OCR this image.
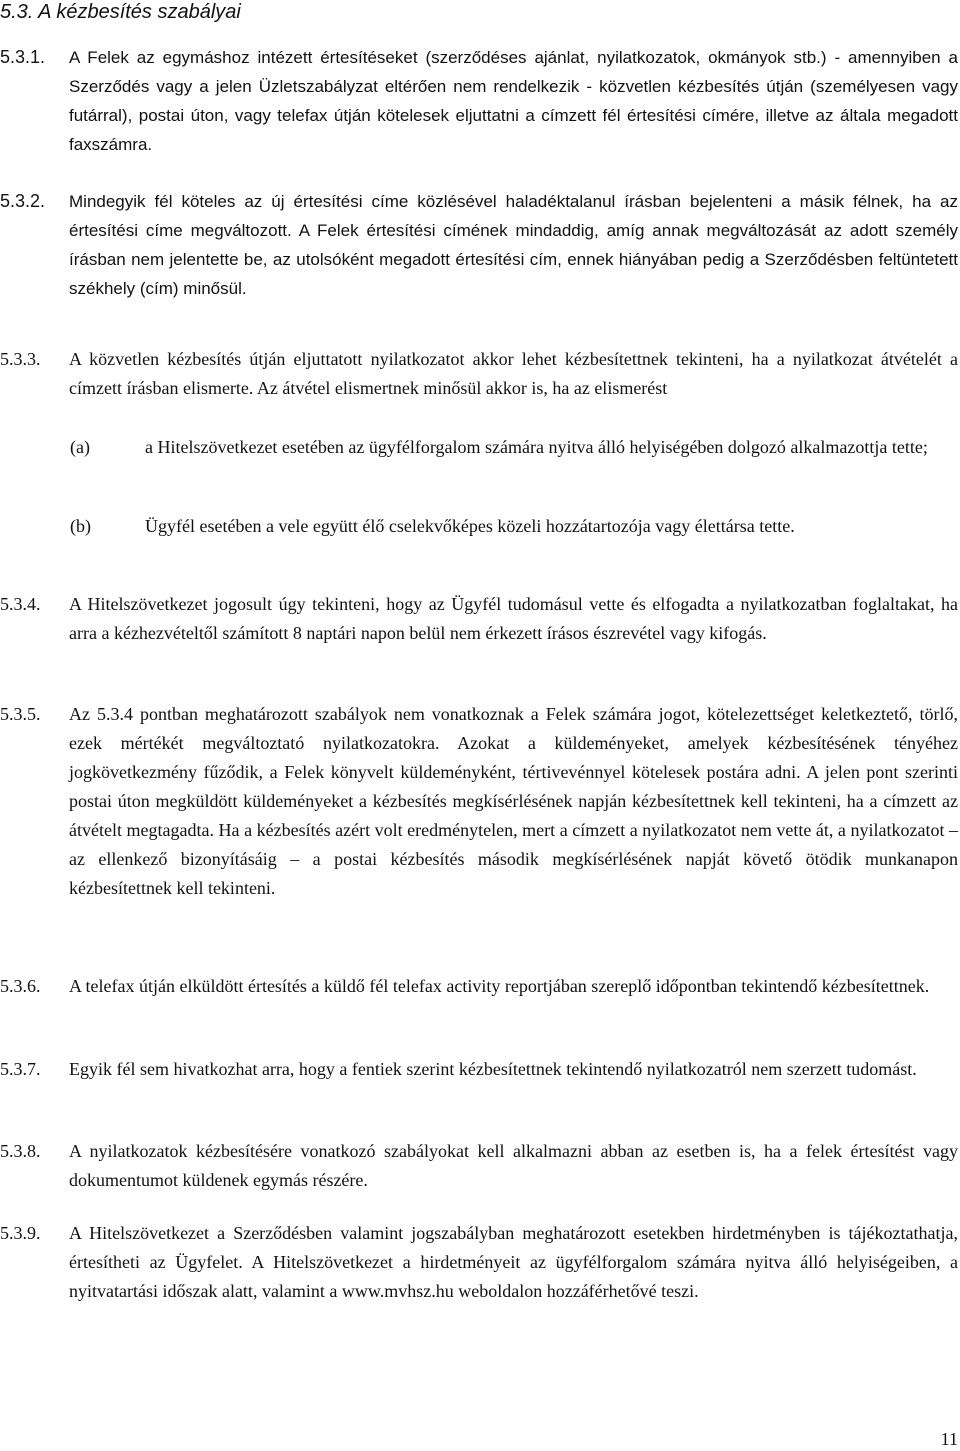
5.3. A kézbesítés szabályai
5.3.1. A Felek az egymáshoz intézett értesítéseket (szerződéses ajánlat, nyilatkozatok, okmányok stb.) - amennyiben a Szerződés vagy a jelen Üzletszabályzat eltérően nem rendelkezik - közvetlen kézbesítés útján (személyesen vagy futárral), postai úton, vagy telefax útján kötelesek eljuttatni a címzett fél értesítési címére, illetve az általa megadott faxszámra.
5.3.2. Mindegyik fél köteles az új értesítési címe közlésével haladéktalanul írásban bejelenteni a másik félnek, ha az értesítési címe megváltozott. A Felek értesítési címének mindaddig, amíg annak megváltozását az adott személy írásban nem jelentette be, az utolsóként megadott értesítési cím, ennek hiányában pedig a Szerződésben feltüntetett székhely (cím) minősül.
5.3.3. A közvetlen kézbesítés útján eljuttatott nyilatkozatot akkor lehet kézbesítettnek tekinteni, ha a nyilatkozat átvételét a címzett írásban elismerte. Az átvétel elismertnek minősül akkor is, ha az elismerést
(a)	a Hitelszövetkezet esetében az ügyfélforgalom számára nyitva álló helyiségében dolgozó alkalmazottja tette;
(b)	Ügyfél esetében a vele együtt élő cselekvőképes közeli hozzátartozója vagy élettársa tette.
5.3.4. A Hitelszövetkezet jogosult úgy tekinteni, hogy az Ügyfél tudomásul vette és elfogadta a nyilatkozatban foglaltakat, ha arra a kézhezvételtől számított 8 naptári napon belül nem érkezett írásos észrevétel vagy kifogás.
5.3.5. Az 5.3.4 pontban meghatározott szabályok nem vonatkoznak a Felek számára jogot, kötelezettséget keletkeztető, törlő, ezek mértékét megváltoztató nyilatkozatokra. Azokat a küldeményeket, amelyek kézbesítésének tényéhez jogkövetkezmény fűződik, a Felek könyvelt küldeményként, tértivevénnyel kötelesek postára adni. A jelen pont szerinti postai úton megküldött küldeményeket a kézbesítés megkísérlésének napján kézbesítettnek kell tekinteni, ha a címzett az átvételt megtagadta. Ha a kézbesítés azért volt eredménytelen, mert a címzett a nyilatkozatot nem vette át, a nyilatkozatot – az ellenkező bizonyításáig – a postai kézbesítés második megkísérlésének napját követő ötödik munkanapon kézbesítettnek kell tekinteni.
5.3.6. A telefax útján elküldött értesítés a küldő fél telefax activity reportjában szereplő időpontban tekintendő kézbesítettnek.
5.3.7. Egyik fél sem hivatkozhat arra, hogy a fentiek szerint kézbesítettnek tekintendő nyilatkozatról nem szerzett tudomást.
5.3.8. A nyilatkozatok kézbesítésére vonatkozó szabályokat kell alkalmazni abban az esetben is, ha a felek értesítést vagy dokumentumot küldenek egymás részére.
5.3.9. A Hitelszövetkezet a Szerződésben valamint jogszabályban meghatározott esetekben hirdetményben is tájékoztathatja, értesítheti az Ügyfelet. A Hitelszövetkezet a hirdetményeit az ügyfélforgalom számára nyitva álló helyiségeiben, a nyitvatartási időszak alatt, valamint a www.mvhsz.hu weboldalon hozzáférhetővé teszi.
11
